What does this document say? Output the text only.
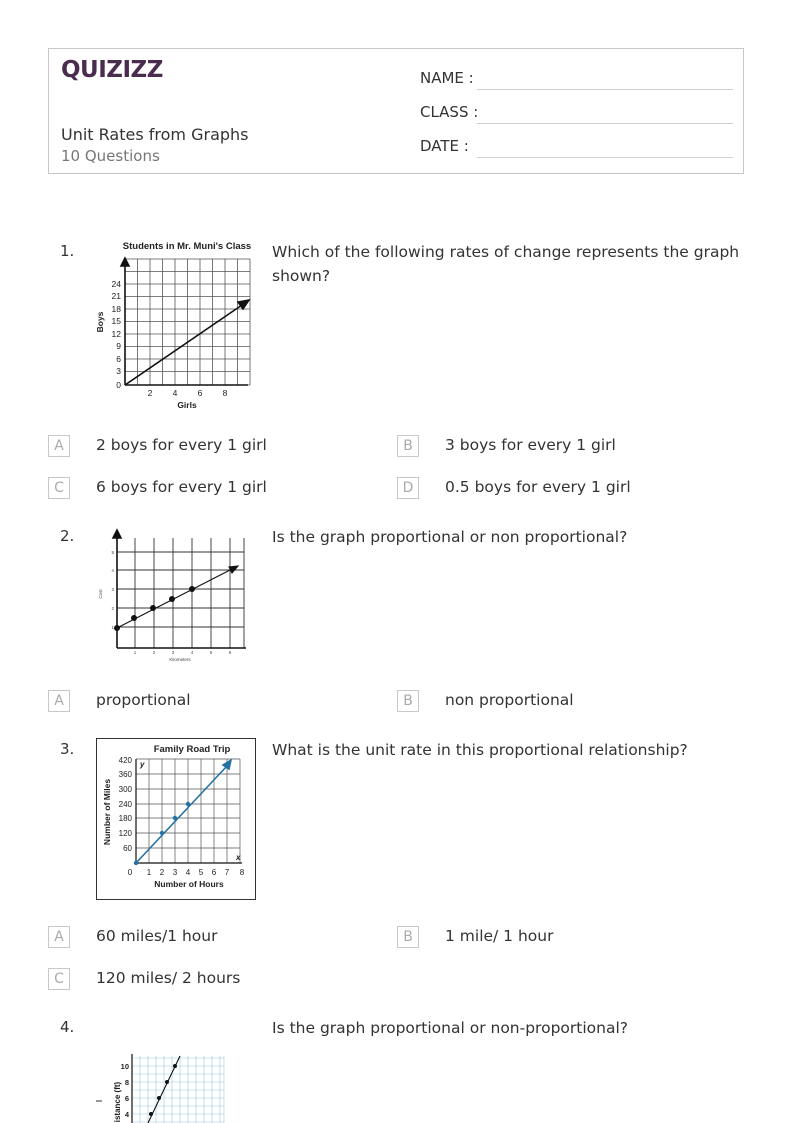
QUIZIZZ
Unit Rates from Graphs
10 Questions
NAME :
CLASS :
DATE :
1.	Students in Mr. Muni's Class
3
6
9
12
15
18
21
24
0
2 4 6 8
Girls
Boys
Which of the following rates of change represents the graph shown?
A	2 boys for every 1 girl	B	3 boys for every 1 girl
C	6 boys for every 1 girl	D	0.5 boys for every 1 girl
2.
1	2	3	4	5	6
Kilometers
1
2
3
4
5
Cost
Is the graph proportional or non proportional?
A	proportional	B	non proportional
3.	Family Road Trip
60
120
180
240
300
360
420
0 1 2 3 4 5 6 7 8
x
y
Number of Hours
Number of Miles
What is the unit rate in this proportional relationship?
A	60 miles/1 hour	B	1 mile/ 1 hour
C	120 miles/ 2 hours
4.	Is the graph proportional or non-proportional?
4
6
8
10
istance (ft)
